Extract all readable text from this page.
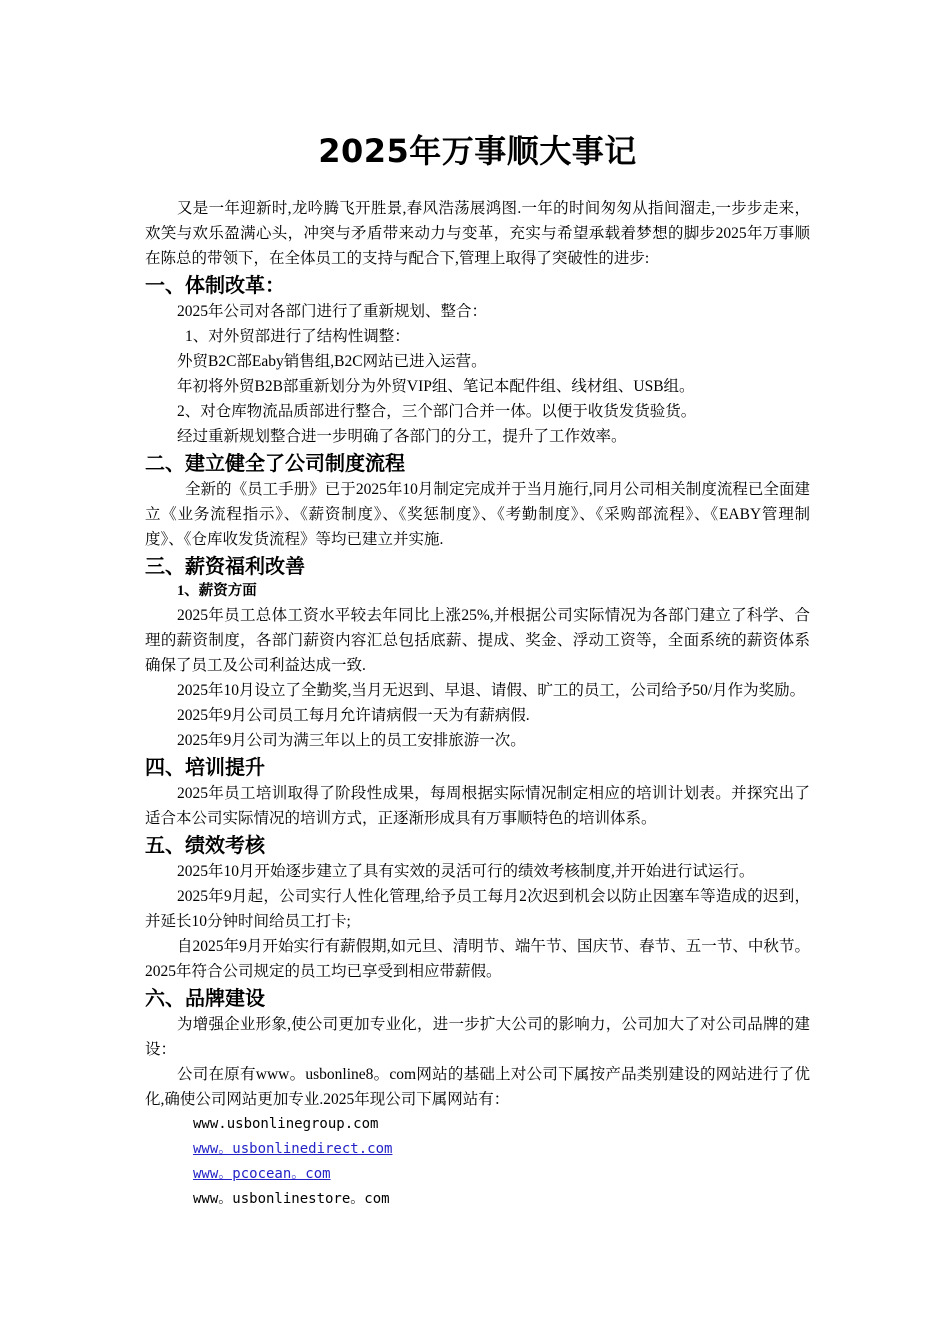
2025年万事顺大事记

又是一年迎新时,龙吟腾飞开胜景,春风浩荡展鸿图.一年的时间匆匆从指间溜走,一步步走来，欢笑与欢乐盈满心头，冲突与矛盾带来动力与变革，充实与希望承载着梦想的脚步2025年万事顺在陈总的带领下，在全体员工的支持与配合下,管理上取得了突破性的进步:

一、体制改革：

2025年公司对各部门进行了重新规划、整合：

1、对外贸部进行了结构性调整：

外贸B2C部Eaby销售组,B2C网站已进入运营。

年初将外贸B2B部重新划分为外贸VIP组、笔记本配件组、线材组、USB组。

2、对仓库物流品质部进行整合，三个部门合并一体。以便于收货发货验货。

经过重新规划整合进一步明确了各部门的分工，提升了工作效率。

二、建立健全了公司制度流程

全新的《员工手册》已于2025年10月制定完成并于当月施行,同月公司相关制度流程已全面建立《业务流程指示》、《薪资制度》、《奖惩制度》、《考勤制度》、《采购部流程》、《EABY管理制度》、《仓库收发货流程》等均已建立并实施.

三、薪资福利改善
1、薪资方面

2025年员工总体工资水平较去年同比上涨25%,并根据公司实际情况为各部门建立了科学、合理的薪资制度，各部门薪资内容汇总包括底薪、提成、奖金、浮动工资等，全面系统的薪资体系确保了员工及公司利益达成一致.

2025年10月设立了全勤奖,当月无迟到、早退、请假、旷工的员工，公司给予50/月作为奖励。

2025年9月公司员工每月允许请病假一天为有薪病假.

2025年9月公司为满三年以上的员工安排旅游一次。

四、培训提升

2025年员工培训取得了阶段性成果，每周根据实际情况制定相应的培训计划表。并探究出了适合本公司实际情况的培训方式，正逐渐形成具有万事顺特色的培训体系。

五、绩效考核

2025年10月开始逐步建立了具有实效的灵活可行的绩效考核制度,并开始进行试运行。

2025年9月起，公司实行人性化管理,给予员工每月2次迟到机会以防止因塞车等造成的迟到，并延长10分钟时间给员工打卡;

自2025年9月开始实行有薪假期,如元旦、清明节、端午节、国庆节、春节、五一节、中秋节。2025年符合公司规定的员工均已享受到相应带薪假。

六、品牌建设

为增强企业形象,使公司更加专业化，进一步扩大公司的影响力，公司加大了对公司品牌的建设：

公司在原有www。usbonline8。com网站的基础上对公司下属按产品类别建设的网站进行了优化,确使公司网站更加专业.2025年现公司下属网站有：

www.usbonlinegroup.com
www。usbonlinedirect.com
www。pcocean。com
www。usbonlinestore。com
